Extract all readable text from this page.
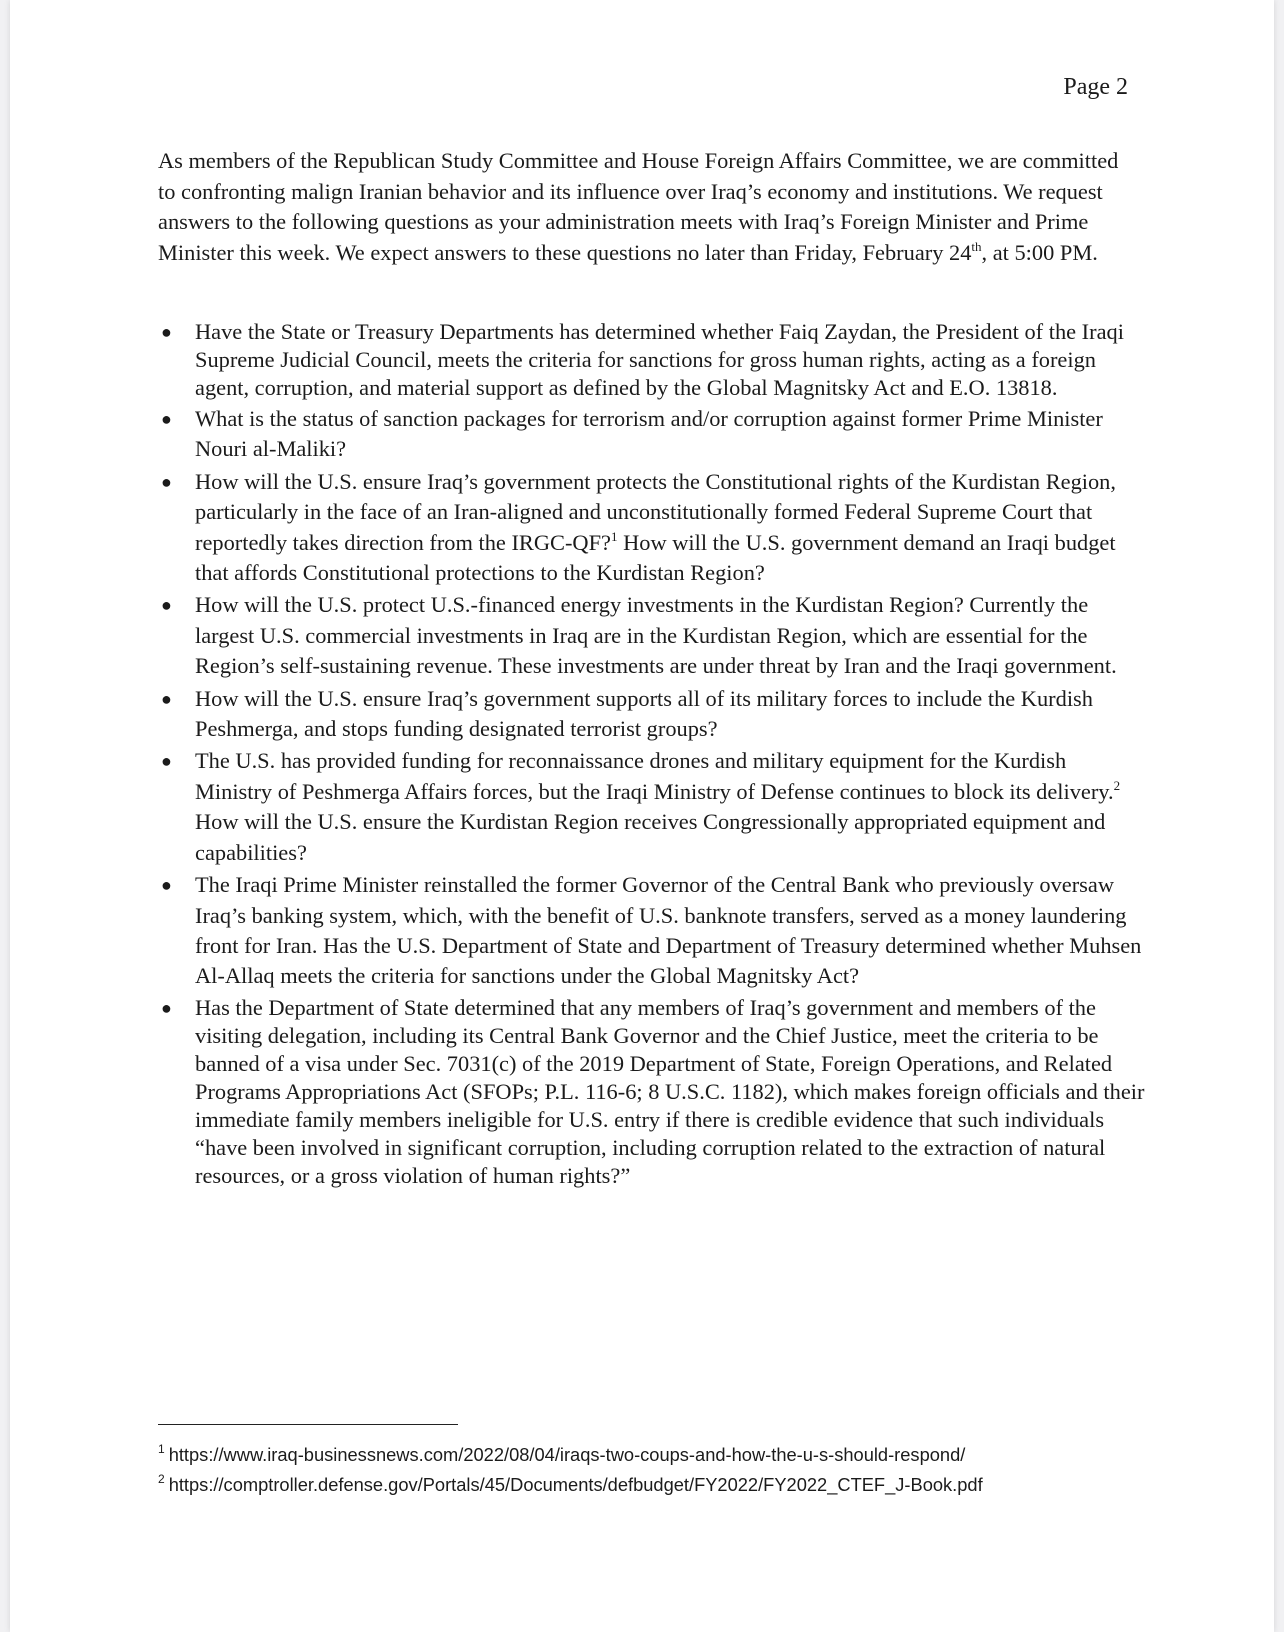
Page 2

As members of the Republican Study Committee and House Foreign Affairs Committee, we are committed to confronting malign Iranian behavior and its influence over Iraq’s economy and institutions. We request answers to the following questions as your administration meets with Iraq’s Foreign Minister and Prime Minister this week. We expect answers to these questions no later than Friday, February 24th, at 5:00 PM.

● Have the State or Treasury Departments has determined whether Faiq Zaydan, the President of the Iraqi Supreme Judicial Council, meets the criteria for sanctions for gross human rights, acting as a foreign agent, corruption, and material support as defined by the Global Magnitsky Act and E.O. 13818.
● What is the status of sanction packages for terrorism and/or corruption against former Prime Minister Nouri al-Maliki?
● How will the U.S. ensure Iraq’s government protects the Constitutional rights of the Kurdistan Region, particularly in the face of an Iran-aligned and unconstitutionally formed Federal Supreme Court that reportedly takes direction from the IRGC-QF?$^1$ How will the U.S. government demand an Iraqi budget that affords Constitutional protections to the Kurdistan Region?
● How will the U.S. protect U.S.-financed energy investments in the Kurdistan Region? Currently the largest U.S. commercial investments in Iraq are in the Kurdistan Region, which are essential for the Region’s self-sustaining revenue. These investments are under threat by Iran and the Iraqi government.
● How will the U.S. ensure Iraq’s government supports all of its military forces to include the Kurdish Peshmerga, and stops funding designated terrorist groups?
● The U.S. has provided funding for reconnaissance drones and military equipment for the Kurdish Ministry of Peshmerga Affairs forces, but the Iraqi Ministry of Defense continues to block its delivery.$^2$ How will the U.S. ensure the Kurdistan Region receives Congressionally appropriated equipment and capabilities?
● The Iraqi Prime Minister reinstalled the former Governor of the Central Bank who previously oversaw Iraq’s banking system, which, with the benefit of U.S. banknote transfers, served as a money laundering front for Iran. Has the U.S. Department of State and Department of Treasury determined whether Muhsen Al-Allaq meets the criteria for sanctions under the Global Magnitsky Act?
● Has the Department of State determined that any members of Iraq’s government and members of the visiting delegation, including its Central Bank Governor and the Chief Justice, meet the criteria to be banned of a visa under Sec. 7031(c) of the 2019 Department of State, Foreign Operations, and Related Programs Appropriations Act (SFOPs; P.L. 116-6; 8 U.S.C. 1182), which makes foreign officials and their immediate family members ineligible for U.S. entry if there is credible evidence that such individuals “have been involved in significant corruption, including corruption related to the extraction of natural resources, or a gross violation of human rights?”
$^1$ https://www.iraq-businessnews.com/2022/08/04/iraqs-two-coups-and-how-the-u-s-should-respond/
$^2$ https://comptroller.defense.gov/Portals/45/Documents/defbudget/FY2022/FY2022_CTEF_J-Book.pdf
